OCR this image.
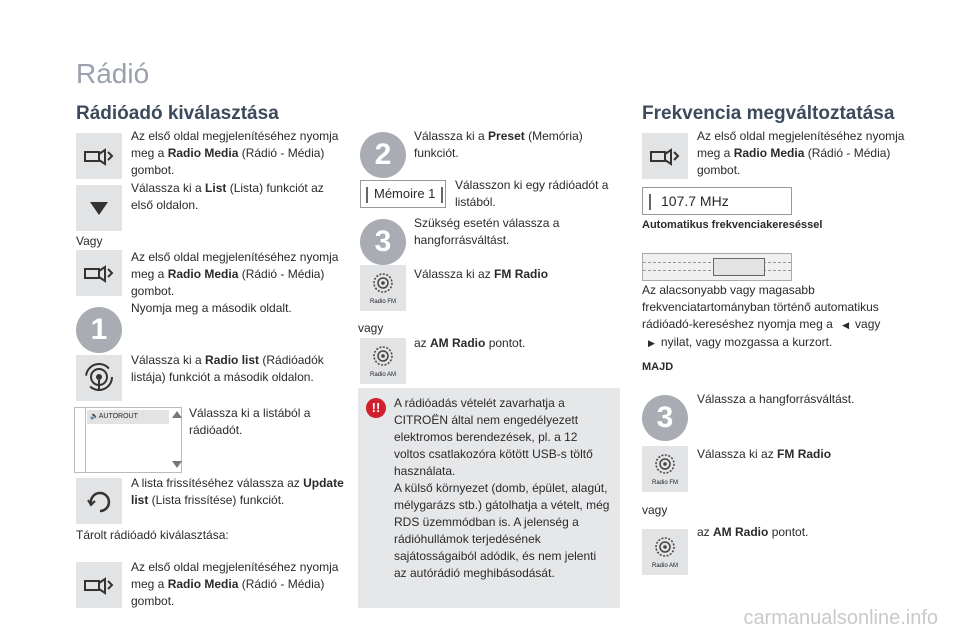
Rádió
Rádióadó kiválasztása
Az első oldal megjelenítéséhez nyomja meg a Radio Media (Rádió - Média) gombot.
Válassza ki a List (Lista) funkciót az első oldalon.
Vagy
Az első oldal megjelenítéséhez nyomja meg a Radio Media (Rádió - Média) gombot.
1
Nyomja meg a második oldalt.
Válassza ki a Radio list (Rádióadók listája) funkciót a második oldalon.
🔈AUTOROUT	Válassza ki a listából a rádióadót.
A lista frissítéséhez válassza az Update list (Lista frissítése) funkciót.
Tárolt rádióadó kiválasztása:
Az első oldal megjelenítéséhez nyomja meg a Radio Media (Rádió - Média) gombot.
2
Válassza ki a Preset (Memória) funkciót.
Mémoire 1
Válasszon ki egy rádióadót a listából.
3
Szükség esetén válassza a hangforrásváltást.
Radio FM
Válassza ki az FM Radio
vagy
Radio AM
az AM Radio pontot.
!!	A rádióadás vételét zavarhatja a CITROËN által nem engedélyezett elektromos berendezések, pl. a 12 voltos csatlakozóra kötött USB-s töltő használata.
A külső környezet (domb, épület, alagút, mélygarázs stb.) gátolhatja a vételt, még RDS üzemmódban is. A jelenség a rádióhullámok terjedésének sajátosságaiból adódik, és nem jelenti az autórádió meghibásodását.
Frekvencia megváltoztatása
Az első oldal megjelenítéséhez nyomja meg a Radio Media (Rádió - Média) gombot.
107.7 MHz
Automatikus frekvenciakereséssel
Az alacsonyabb vagy magasabb frekvenciatartományban történő automatikus rádióadó-kereséshez nyomja meg a ◀ vagy
▶ nyilat, vagy mozgassa a kurzort.
MAJD
3
Válassza a hangforrásváltást.
Radio FM
Válassza ki az FM Radio
vagy
Radio AM
az AM Radio pontot.
carmanualsonline.info
